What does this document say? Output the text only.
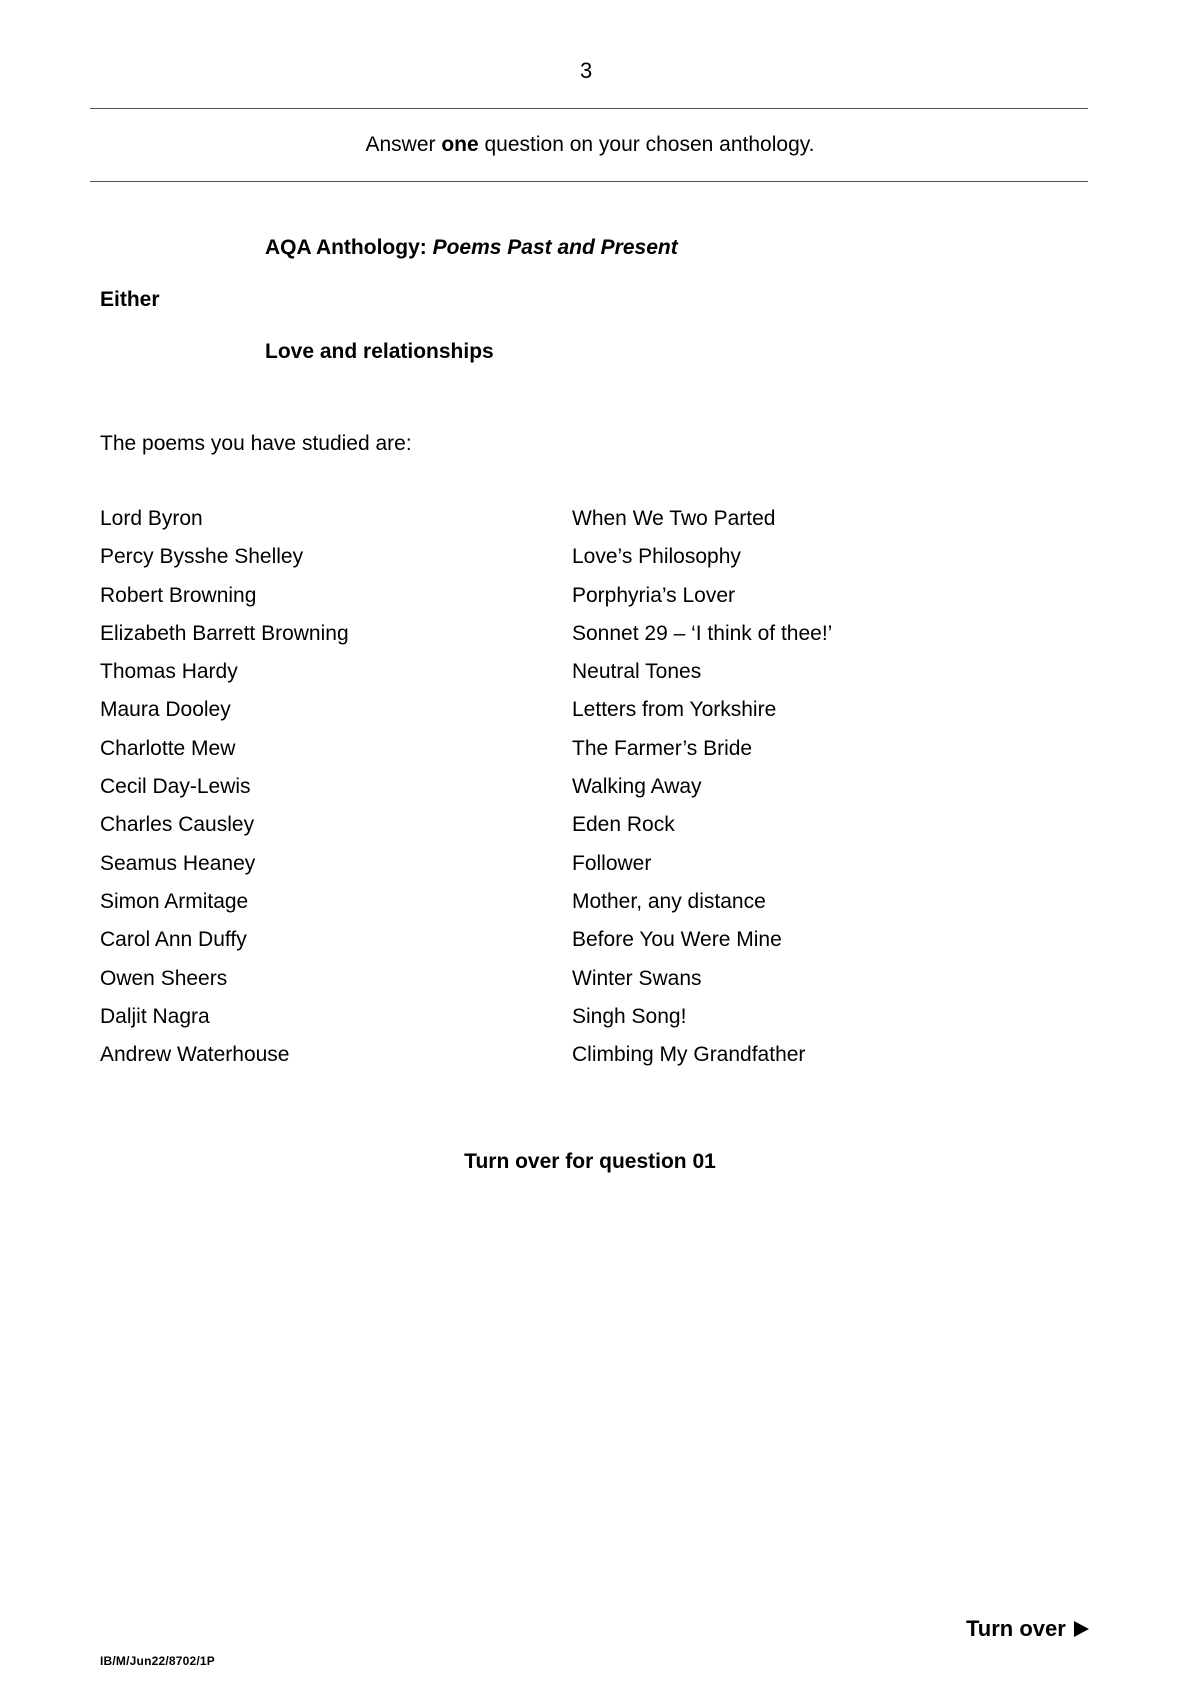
3
Answer one question on your chosen anthology.
AQA Anthology: Poems Past and Present
Either
Love and relationships
The poems you have studied are:
Lord Byron	When We Two Parted
Percy Bysshe Shelley	Love’s Philosophy
Robert Browning	Porphyria’s Lover
Elizabeth Barrett Browning	Sonnet 29 – ‘I think of thee!’
Thomas Hardy	Neutral Tones
Maura Dooley	Letters from Yorkshire
Charlotte Mew	The Farmer’s Bride
Cecil Day-Lewis	Walking Away
Charles Causley	Eden Rock
Seamus Heaney	Follower
Simon Armitage	Mother, any distance
Carol Ann Duffy	Before You Were Mine
Owen Sheers	Winter Swans
Daljit Nagra	Singh Song!
Andrew Waterhouse	Climbing My Grandfather
Turn over for question 01
Turn over
IB/M/Jun22/8702/1P
